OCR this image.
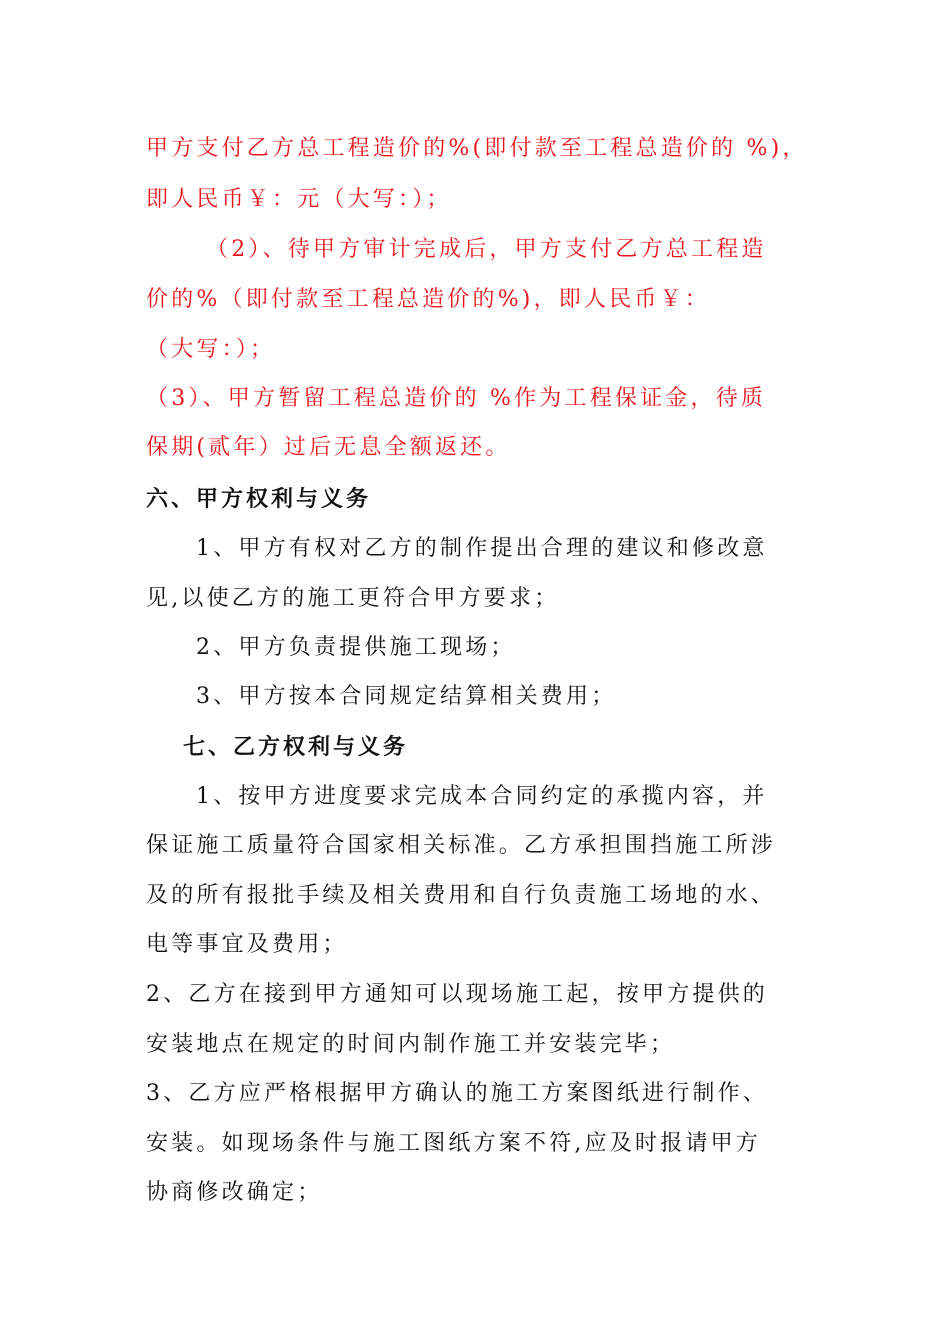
甲方支付乙方总工程造价的%(即付款至工程总造价的 %)，
即人民币￥：元（大写：）；
（2）、待甲方审计完成后，甲方支付乙方总工程造
价的%（即付款至工程总造价的%)，即人民币￥：
（大写：）；
（3）、甲方暂留工程总造价的 %作为工程保证金，待质
保期(贰年）过后无息全额返还。
六、甲方权利与义务
1、甲方有权对乙方的制作提出合理的建议和修改意
见,以使乙方的施工更符合甲方要求；
2、甲方负责提供施工现场；
3、甲方按本合同规定结算相关费用；
七、乙方权利与义务
1、按甲方进度要求完成本合同约定的承揽内容，并
保证施工质量符合国家相关标准。乙方承担围挡施工所涉
及的所有报批手续及相关费用和自行负责施工场地的水、
电等事宜及费用；
2、乙方在接到甲方通知可以现场施工起，按甲方提供的
安装地点在规定的时间内制作施工并安装完毕；
3、乙方应严格根据甲方确认的施工方案图纸进行制作、
安装。如现场条件与施工图纸方案不符,应及时报请甲方
协商修改确定；
